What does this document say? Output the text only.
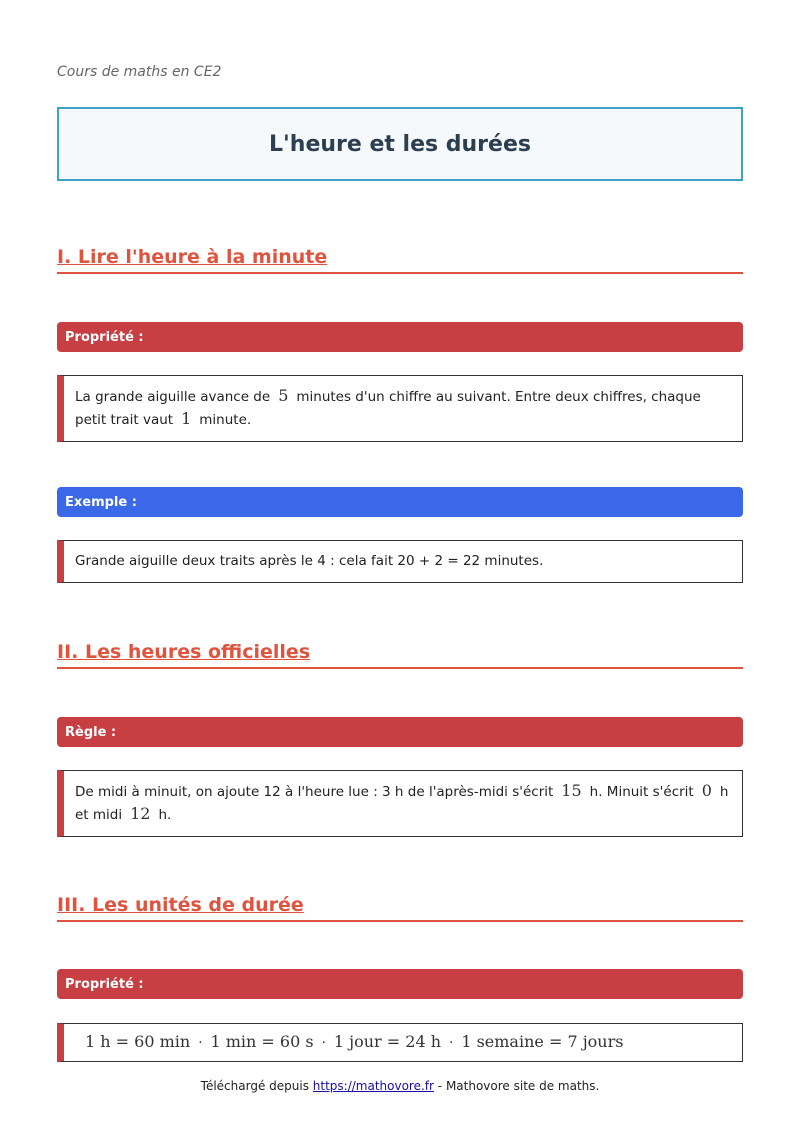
Cours de maths en CE2
L'heure et les durées
I. Lire l'heure à la minute
Propriété :
La grande aiguille avance de 5 minutes d'un chiffre au suivant. Entre deux chiffres, chaque petit trait vaut 1 minute.
Exemple :
Grande aiguille deux traits après le 4 : cela fait 20 + 2 = 22 minutes.
II. Les heures officielles
Règle :
De midi à minuit, on ajoute 12 à l'heure lue : 3 h de l'après-midi s'écrit 15 h. Minuit s'écrit 0 h et midi 12 h.
III. Les unités de durée
Propriété :
1 h = 60 min · 1 min = 60 s · 1 jour = 24 h · 1 semaine = 7 jours
Téléchargé depuis https://mathovore.fr - Mathovore site de maths.
